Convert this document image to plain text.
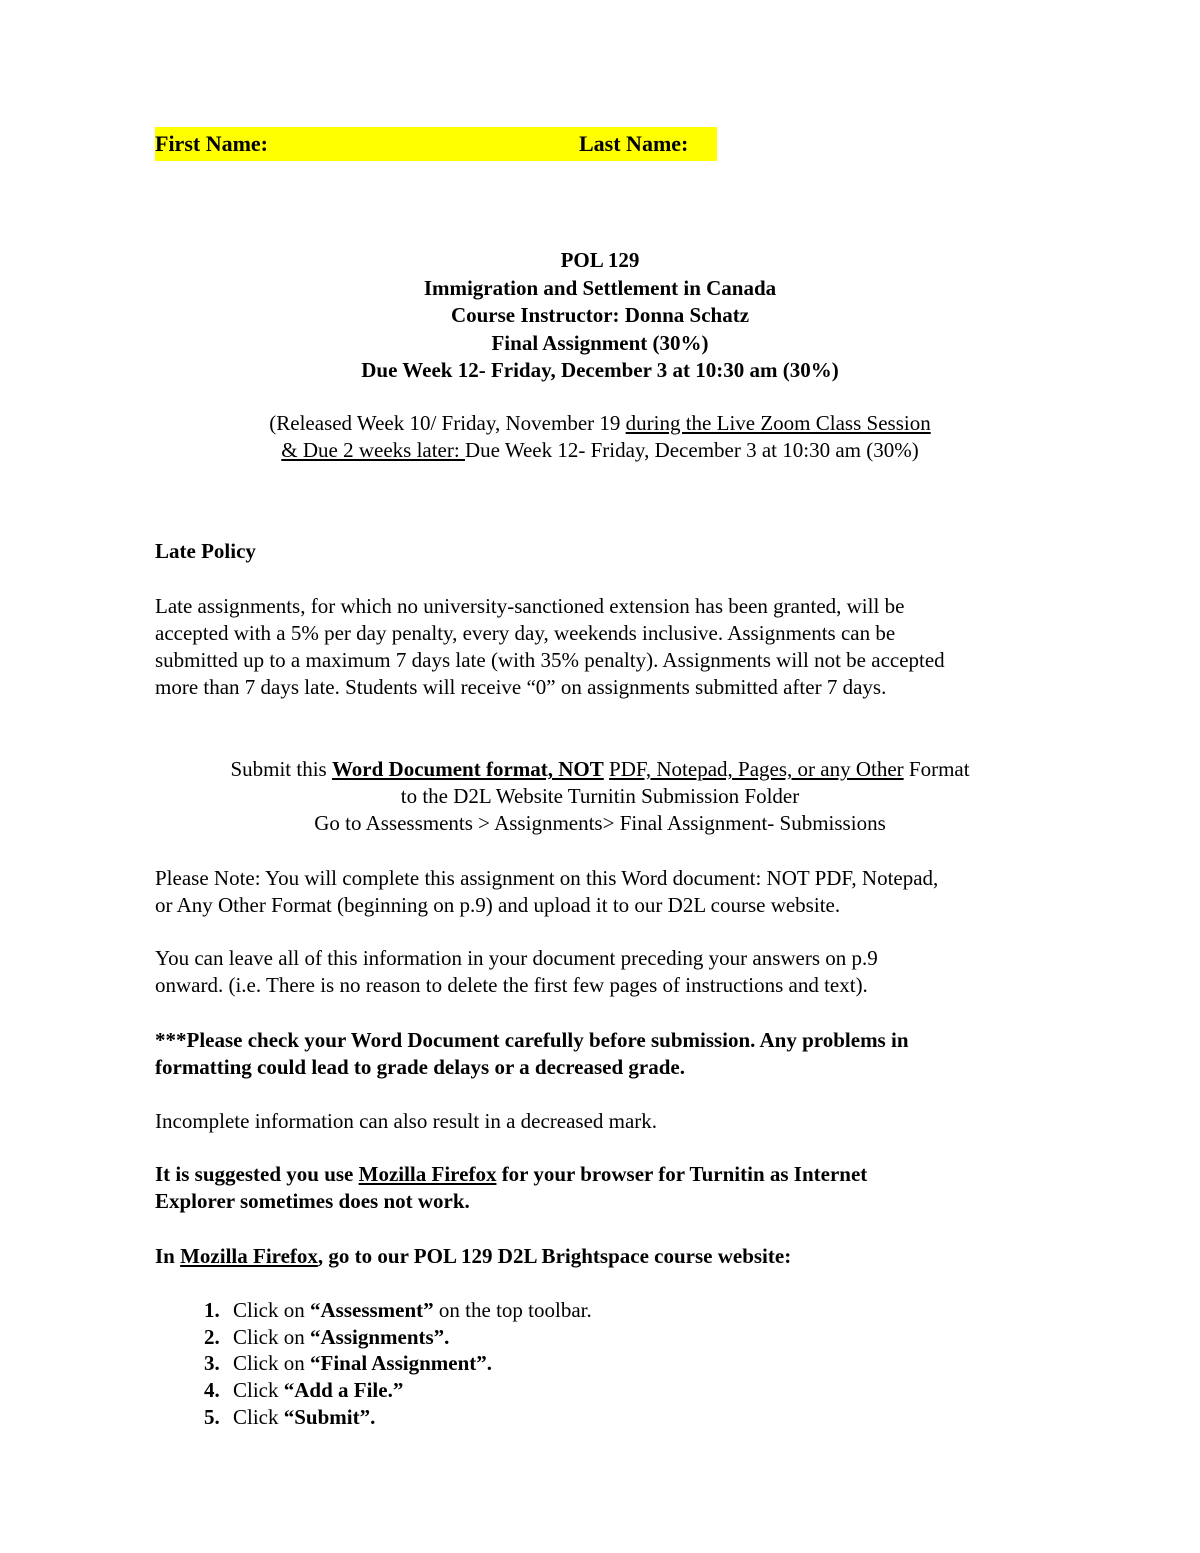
First Name:	Last Name:
POL 129
Immigration and Settlement in Canada
Course Instructor: Donna Schatz
Final Assignment (30%)
Due Week 12- Friday, December 3 at 10:30 am (30%)
(Released Week 10/ Friday, November 19 during the Live Zoom Class Session
& Due 2 weeks later: Due Week 12- Friday, December 3 at 10:30 am (30%)

Late Policy

Late assignments, for which no university-sanctioned extension has been granted, will be

accepted with a 5% per day penalty, every day, weekends inclusive. Assignments can be

submitted up to a maximum 7 days late (with 35% penalty). Assignments will not be accepted

more than 7 days late. Students will receive “0” on assignments submitted after 7 days.

Submit this Word Document format, NOT PDF, Notepad, Pages, or any Other Format
to the D2L Website Turnitin Submission Folder
Go to Assessments > Assignments> Final Assignment- Submissions

Please Note: You will complete this assignment on this Word document: NOT PDF, Notepad,

or Any Other Format (beginning on p.9) and upload it to our D2L course website.

You can leave all of this information in your document preceding your answers on p.9

onward. (i.e. There is no reason to delete the first few pages of instructions and text).

***Please check your Word Document carefully before submission. Any problems in

formatting could lead to grade delays or a decreased grade.

Incomplete information can also result in a decreased mark.

It is suggested you use Mozilla Firefox for your browser for Turnitin as Internet

Explorer sometimes does not work.

In Mozilla Firefox, go to our POL 129 D2L Brightspace course website:

1. Click on “Assessment” on the top toolbar.
2. Click on “Assignments”.
3. Click on “Final Assignment”.
4. Click “Add a File.”
5. Click “Submit”.
